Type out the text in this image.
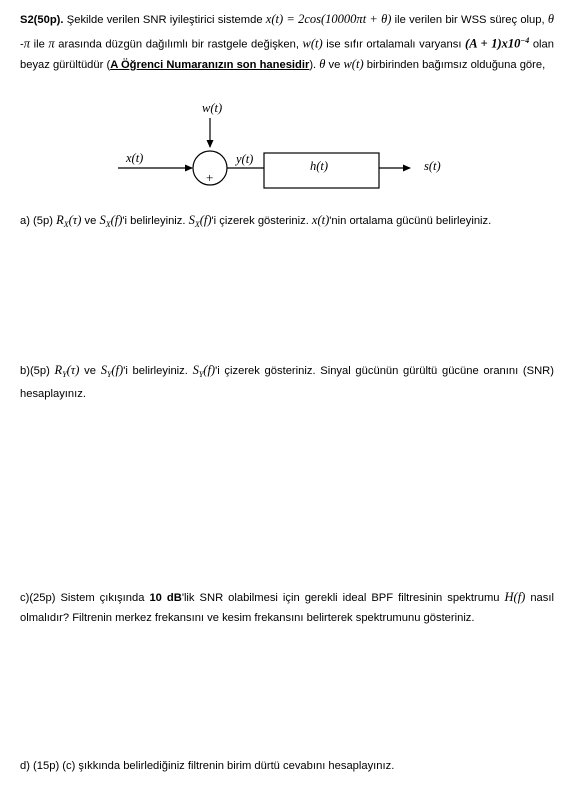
S2(50p). Şekilde verilen SNR iyileştirici sistemde x(t) = 2cos(10000πt + θ) ile verilen bir WSS süreç olup, θ -π ile π arasında düzgün dağılımlı bir rastgele değişken, w(t) ise sıfır ortalamalı varyansı $(A + 1)x10^{-4}$ olan beyaz gürültüdür (A Öğrenci Numaranızın son hanesidir). θ ve w(t) birbirinden bağımsız olduğuna göre,
w(t)
x(t)
+
y(t)	h(t)	s(t)
a) (5p) $R_X(\tau)$ ve $S_X(f)'i$ belirleyiniz. $S_X(f)'i$ çizerek gösteriniz. x(t)'nin ortalama gücünü belirleyiniz.
b)(5p) $R_Y(\tau)$ ve $S_Y(f)'i$ belirleyiniz. $S_Y(f)'i$ çizerek gösteriniz. Sinyal gücünün gürültü gücüne oranını (SNR) hesaplayınız.
c)(25p) Sistem çıkışında 10 dB'lik SNR olabilmesi için gerekli ideal BPF filtresinin spektrumu H(f) nasıl olmalıdır? Filtrenin merkez frekansını ve kesim frekansını belirterek spektrumunu gösteriniz.
d) (15p) (c) şıkkında belirlediğiniz filtrenin birim dürtü cevabını hesaplayınız.
